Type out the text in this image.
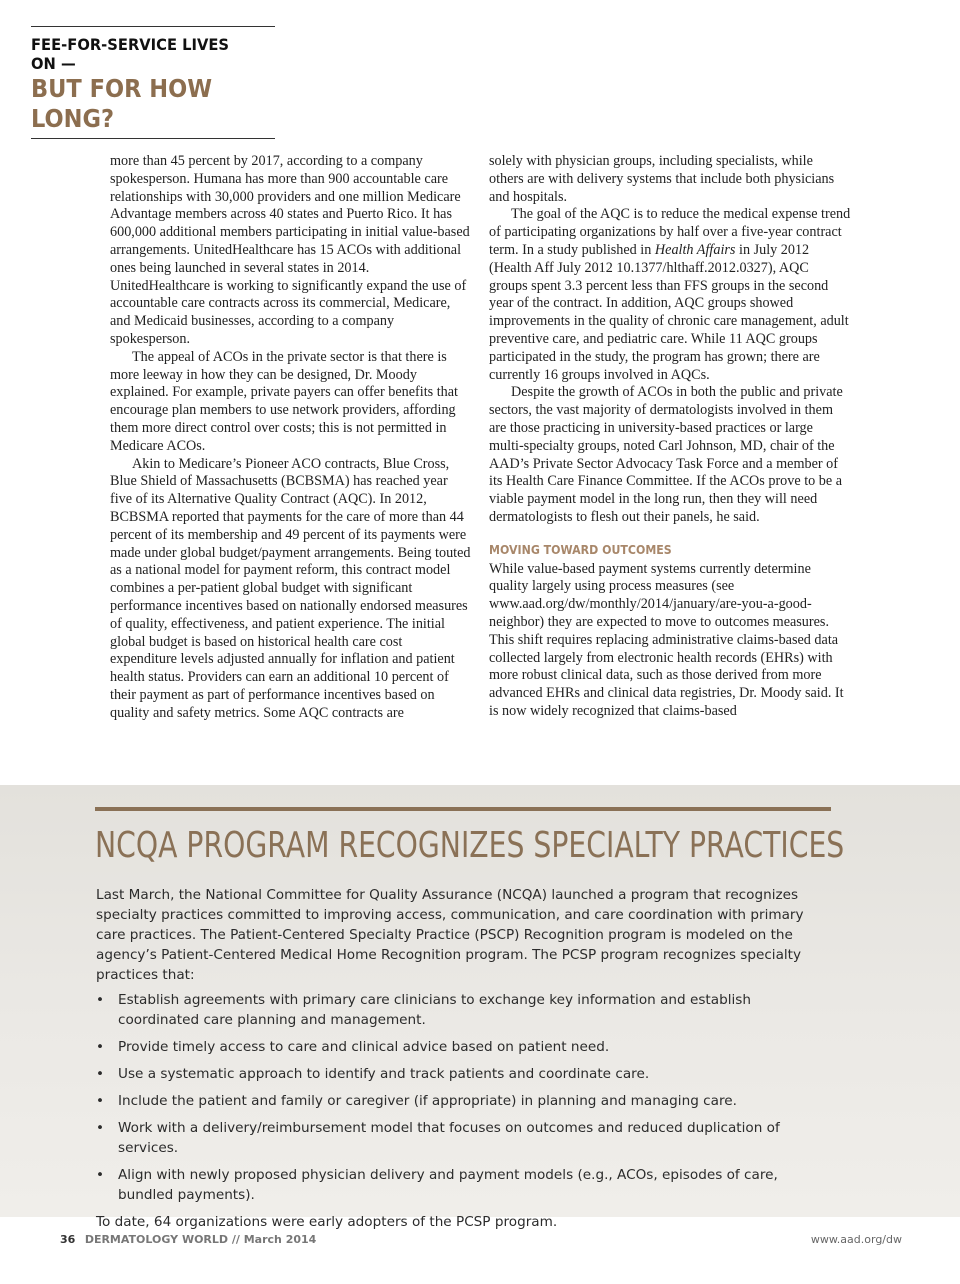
FEE-FOR-SERVICE LIVES ON —
BUT FOR HOW LONG?

more than 45 percent by 2017, according to a company spokesperson. Humana has more than 900 accountable care relationships with 30,000 providers and one million Medicare Advantage members across 40 states and Puerto Rico. It has 600,000 additional members participating in initial value-based arrangements. UnitedHealthcare has 15 ACOs with additional ones being launched in several states in 2014. UnitedHealthcare is working to significantly expand the use of accountable care contracts across its commercial, Medicare, and Medicaid businesses, according to a company spokesperson.

The appeal of ACOs in the private sector is that there is more leeway in how they can be designed, Dr. Moody explained. For example, private payers can offer benefits that encourage plan members to use network providers, affording them more direct control over costs; this is not permitted in Medicare ACOs.

Akin to Medicare’s Pioneer ACO contracts, Blue Cross, Blue Shield of Massachusetts (BCBSMA) has reached year five of its Alternative Quality Contract (AQC). In 2012, BCBSMA reported that payments for the care of more than 44 percent of its membership and 49 percent of its payments were made under global budget/payment arrangements. Being touted as a national model for payment reform, this contract model combines a per-patient global budget with significant performance incentives based on nationally endorsed measures of quality, effectiveness, and patient experience. The initial global budget is based on historical health care cost expenditure levels adjusted annually for inflation and patient health status. Providers can earn an additional 10 percent of their payment as part of performance incentives based on quality and safety metrics. Some AQC contracts are

solely with physician groups, including specialists, while others are with delivery systems that include both physicians and hospitals.

The goal of the AQC is to reduce the medical expense trend of participating organizations by half over a five-year contract term. In a study published in Health Affairs in July 2012 (Health Aff July 2012 10.1377/hlthaff.2012.0327), AQC groups spent 3.3 percent less than FFS groups in the second year of the contract. In addition, AQC groups showed improvements in the quality of chronic care management, adult preventive care, and pediatric care. While 11 AQC groups participated in the study, the program has grown; there are currently 16 groups involved in AQCs.

Despite the growth of ACOs in both the public and private sectors, the vast majority of dermatologists involved in them are those practicing in university-based practices or large multi-specialty groups, noted Carl Johnson, MD, chair of the AAD’s Private Sector Advocacy Task Force and a member of its Health Care Finance Committee. If the ACOs prove to be a viable payment model in the long run, then they will need dermatologists to flesh out their panels, he said.

MOVING TOWARD OUTCOMES

While value-based payment systems currently determine quality largely using process measures (see www.aad.org/dw/monthly/2014/january/are-you-a-good-neighbor) they are expected to move to outcomes measures. This shift requires replacing administrative claims-based data collected largely from electronic health records (EHRs) with more robust clinical data, such as those derived from more advanced EHRs and clinical data registries, Dr. Moody said. It is now widely recognized that claims-based

NCQA PROGRAM RECOGNIZES SPECIALTY PRACTICES

Last March, the National Committee for Quality Assurance (NCQA) launched a program that recognizes specialty practices committed to improving access, communication, and care coordination with primary care practices. The Patient-Centered Specialty Practice (PSCP) Recognition program is modeled on the agency’s Patient-Centered Medical Home Recognition program. The PCSP program recognizes specialty practices that:

• Establish agreements with primary care clinicians to exchange key information and establish coordinated care planning and management.
• Provide timely access to care and clinical advice based on patient need.
• Use a systematic approach to identify and track patients and coordinate care.
• Include the patient and family or caregiver (if appropriate) in planning and managing care.
• Work with a delivery/reimbursement model that focuses on outcomes and reduced duplication of services.
• Align with newly proposed physician delivery and payment models (e.g., ACOs, episodes of care, bundled payments).

To date, 64 organizations were early adopters of the PCSP program.

36 DERMATOLOGY WORLD // March 2014	www.aad.org/dw
